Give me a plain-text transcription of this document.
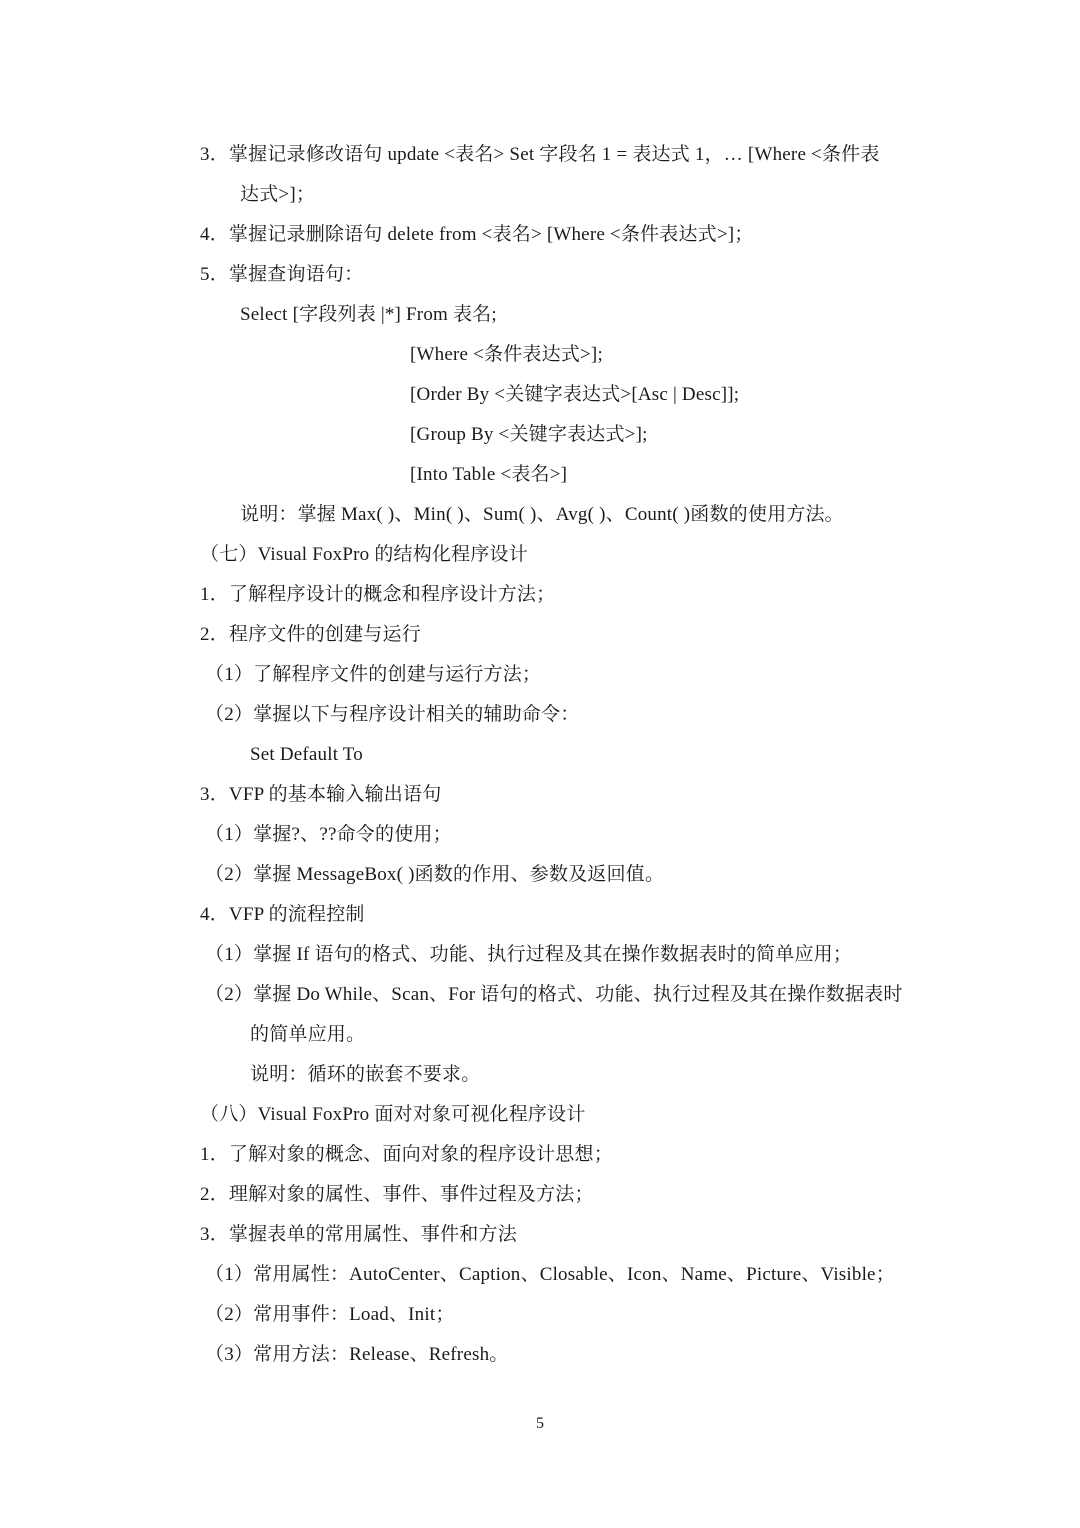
3．掌握记录修改语句 update <表名> Set 字段名 1 = 表达式 1，… [Where <条件表
达式>]；
4．掌握记录删除语句 delete from <表名> [Where <条件表达式>]；
5．掌握查询语句：
Select [字段列表 |*] From 表名;
[Where <条件表达式>];
[Order By <关键字表达式>[Asc | Desc]];
[Group By <关键字表达式>];
[Into Table <表名>]
说明：掌握 Max( )、Min( )、Sum( )、Avg( )、Count( )函数的使用方法。
（七）Visual FoxPro 的结构化程序设计
1．了解程序设计的概念和程序设计方法；
2．程序文件的创建与运行
（1）了解程序文件的创建与运行方法；
（2）掌握以下与程序设计相关的辅助命令：
Set Default To
3．VFP 的基本输入输出语句
（1）掌握?、??命令的使用；
（2）掌握 MessageBox( )函数的作用、参数及返回值。
4．VFP 的流程控制
（1）掌握 If 语句的格式、功能、执行过程及其在操作数据表时的简单应用；
（2）掌握 Do While、Scan、For 语句的格式、功能、执行过程及其在操作数据表时
的简单应用。
说明：循环的嵌套不要求。
（八）Visual FoxPro 面对对象可视化程序设计
1．了解对象的概念、面向对象的程序设计思想；
2．理解对象的属性、事件、事件过程及方法；
3．掌握表单的常用属性、事件和方法
（1）常用属性：AutoCenter、Caption、Closable、Icon、Name、Picture、Visible；
（2）常用事件：Load、Init；
（3）常用方法：Release、Refresh。
5
